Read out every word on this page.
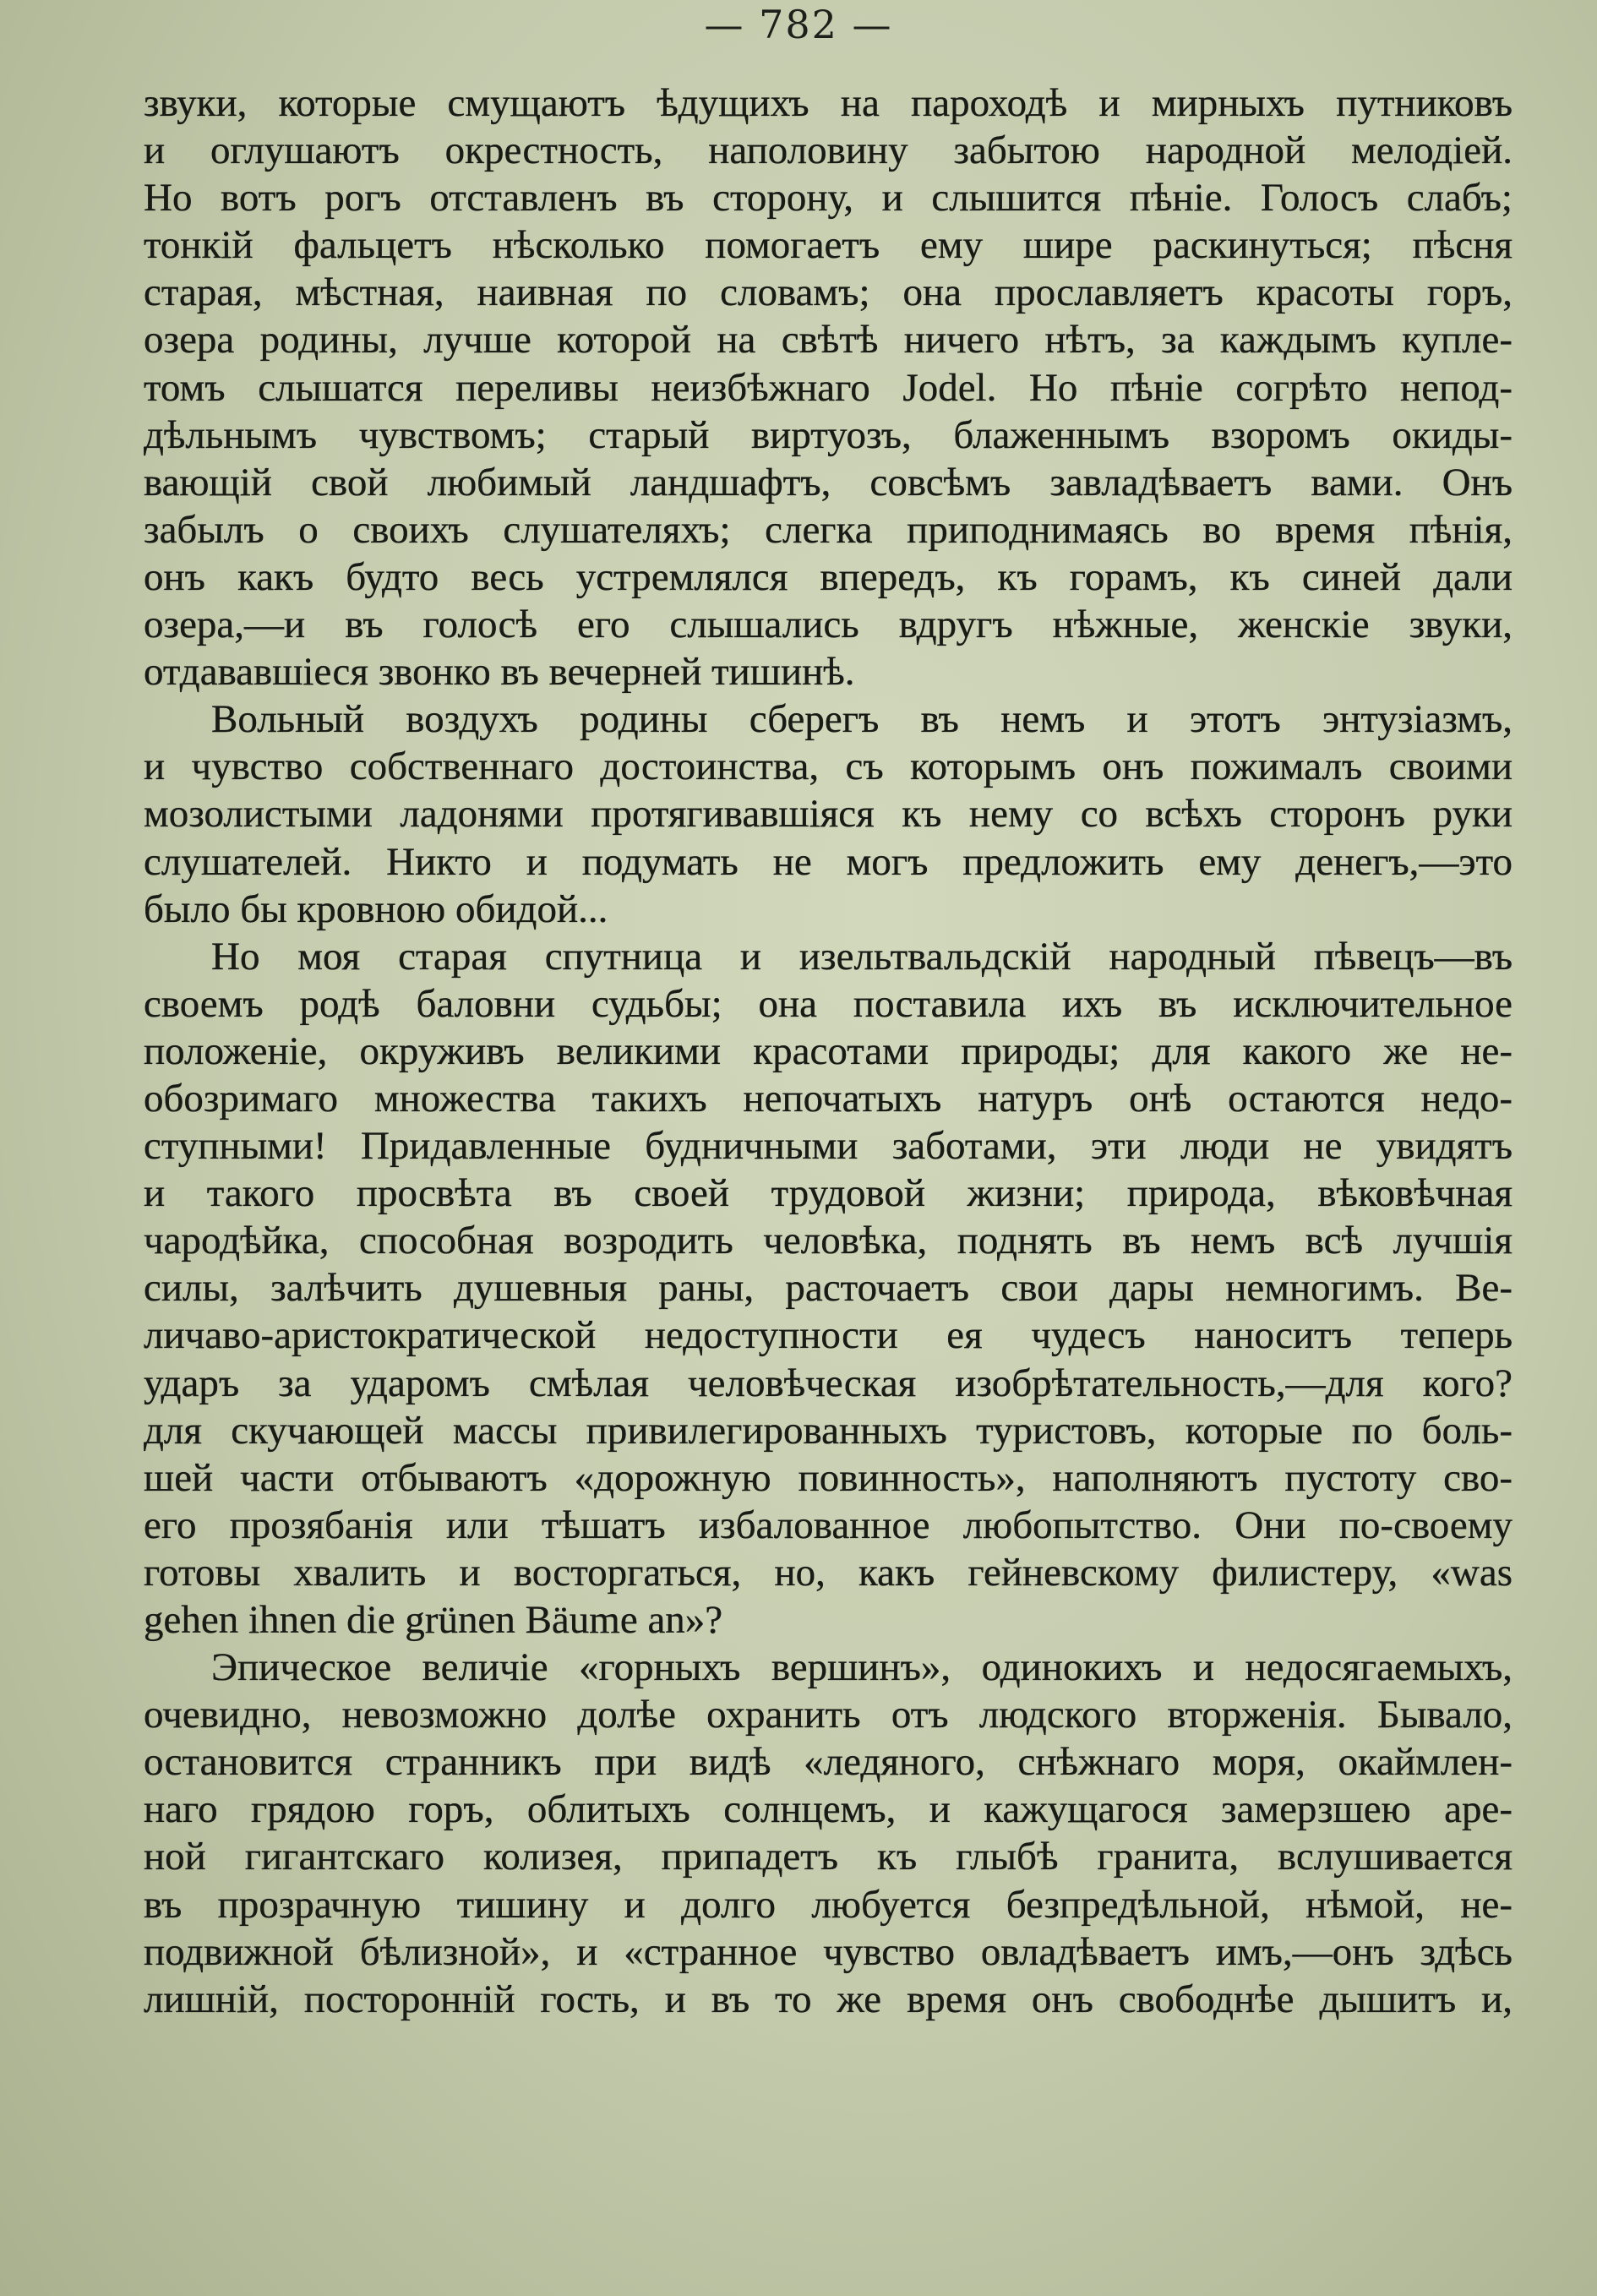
— 782 —

звуки, которые смущаютъ ѣдущихъ на пароходѣ и мирныхъ путниковъ
и оглушаютъ окрестность, наполовину забытою народной мелодіей.
Но вотъ рогъ отставленъ въ сторону, и слышится пѣніе. Голосъ слабъ;
тонкій фальцетъ нѣсколько помогаетъ ему шире раскинуться; пѣсня
старая, мѣстная, наивная по словамъ; она прославляетъ красоты горъ,
озера родины, лучше которой на свѣтѣ ничего нѣтъ, за каждымъ купле-
томъ слышатся переливы неизбѣжнаго Jodel. Но пѣніе согрѣто непод-
дѣльнымъ чувствомъ; старый виртуозъ, блаженнымъ взоромъ окиды-
вающій свой любимый ландшафтъ, совсѣмъ завладѣваетъ вами. Онъ
забылъ о своихъ слушателяхъ; слегка приподнимаясь во время пѣнія,
онъ какъ будто весь устремлялся впередъ, къ горамъ, къ синей дали
озера,—и въ голосѣ его слышались вдругъ нѣжные, женскіе звуки,
отдававшіеся звонко въ вечерней тишинѣ.

Вольный воздухъ родины сберегъ въ немъ и этотъ энтузіазмъ,
и чувство собственнаго достоинства, съ которымъ онъ пожималъ своими
мозолистыми ладонями протягивавшіяся къ нему со всѣхъ сторонъ руки
слушателей. Никто и подумать не могъ предложить ему денегъ,—это
было бы кровною обидой...

Но моя старая спутница и изельтвальдскій народный пѣвецъ—въ
своемъ родѣ баловни судьбы; она поставила ихъ въ исключительное
положеніе, окруживъ великими красотами природы; для какого же не-
обозримаго множества такихъ непочатыхъ натуръ онѣ остаются недо-
ступными! Придавленные будничными заботами, эти люди не увидятъ
и такого просвѣта въ своей трудовой жизни; природа, вѣковѣчная
чародѣйка, способная возродить человѣка, поднять въ немъ всѣ лучшія
силы, залѣчить душевныя раны, расточаетъ свои дары немногимъ. Ве-
личаво-аристократической недоступности ея чудесъ наноситъ теперь
ударъ за ударомъ смѣлая человѣческая изобрѣтательность,—для кого?
для скучающей массы привилегированныхъ туристовъ, которые по боль-
шей части отбываютъ «дорожную повинность», наполняютъ пустоту сво-
его прозябанія или тѣшатъ избалованное любопытство. Они по-своему
готовы хвалить и восторгаться, но, какъ гейневскому филистеру, «was
gehen ihnen die grünen Bäume an»?

Эпическое величіе «горныхъ вершинъ», одинокихъ и недосягаемыхъ,
очевидно, невозможно долѣе охранить отъ людского вторженія. Бывало,
остановится странникъ при видѣ «ледяного, снѣжнаго моря, окаймлен-
наго грядою горъ, облитыхъ солнцемъ, и кажущагося замерзшею аре-
ной гигантскаго колизея, припадетъ къ глыбѣ гранита, вслушивается
въ прозрачную тишину и долго любуется безпредѣльной, нѣмой, не-
подвижной бѣлизной», и «странное чувство овладѣваетъ имъ,—онъ здѣсь
лишній, посторонній гость, и въ то же время онъ свободнѣе дышитъ и,
